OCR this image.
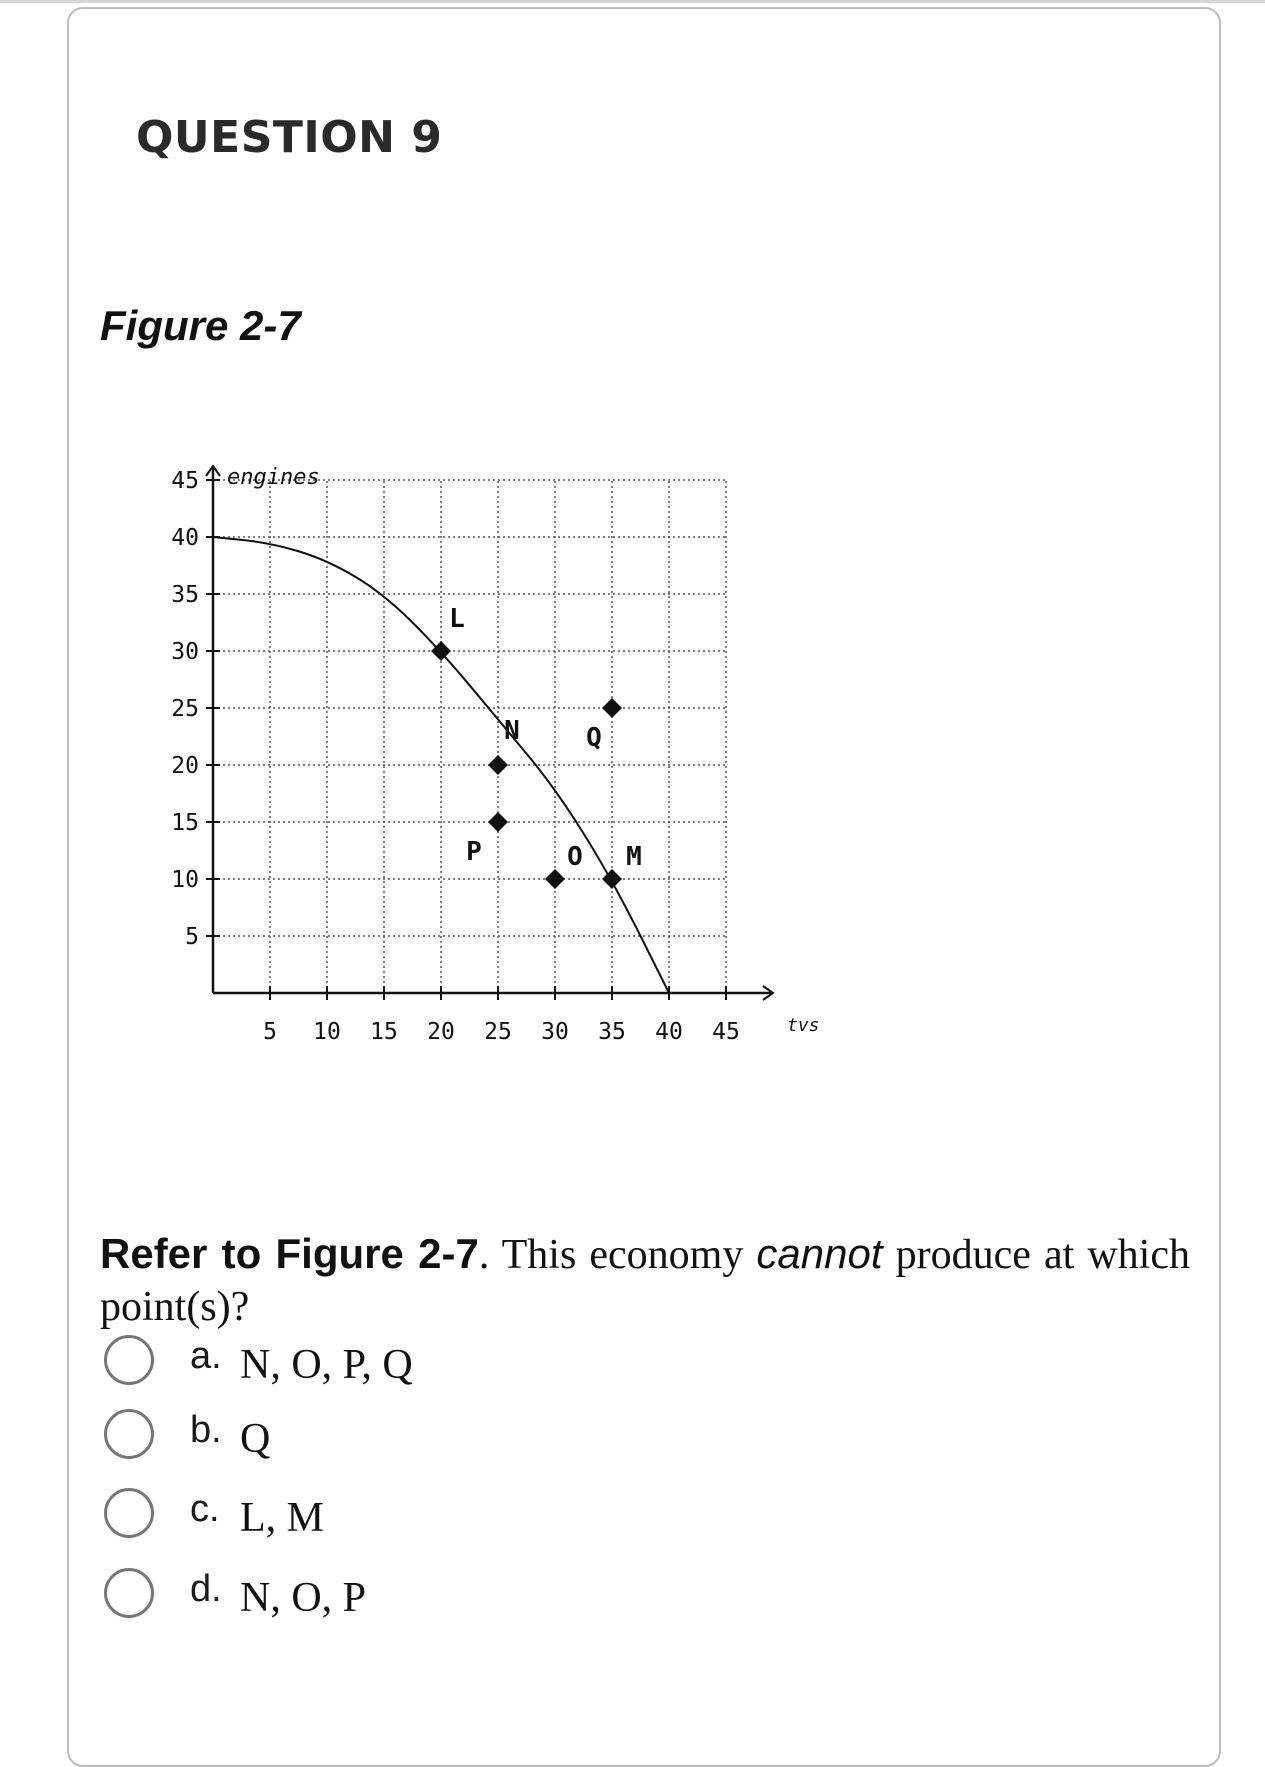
QUESTION 9
Figure 2-7
5 10 15 20 25 30 35 40 45
5
10
15
20
25
30
35
40
45 engines
tvs
L
N
P	O M
Q
Refer to Figure 2-7. This economy cannot produce at which point(s)?
a. N, O, P, Q
b. Q
c. L, M
d. N, O, P
